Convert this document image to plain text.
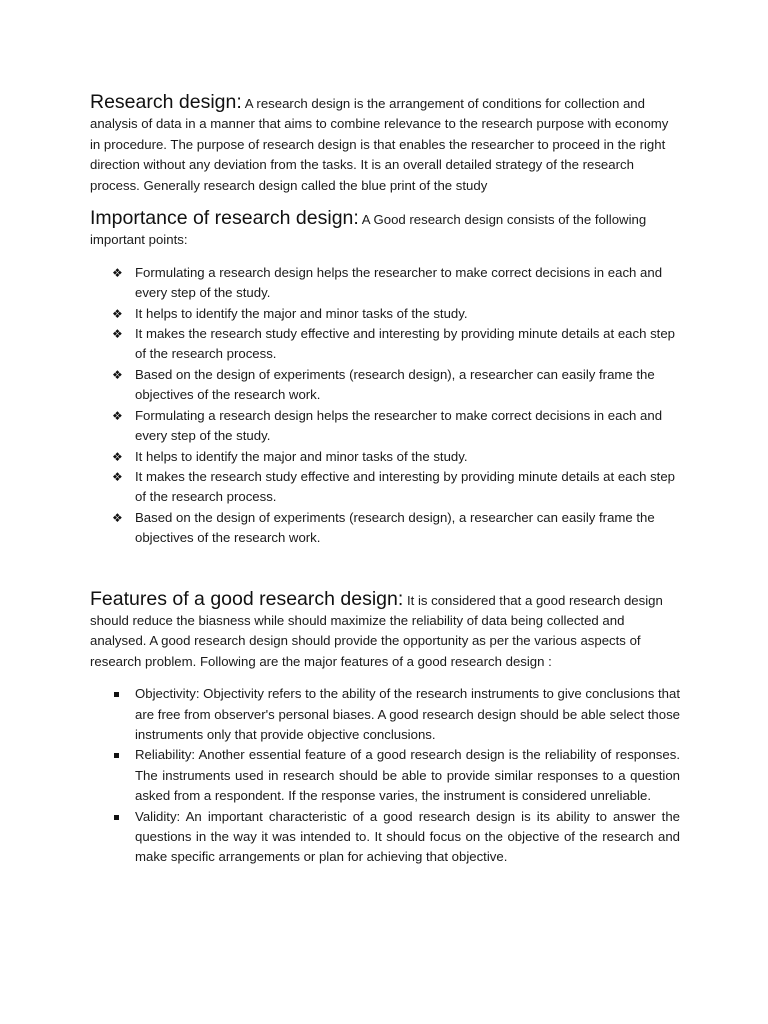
Research design: A research design is the arrangement of conditions for collection and analysis of data in a manner that aims to combine relevance to the research purpose with economy in procedure. The purpose of research design is that enables the researcher to proceed in the right direction without any deviation from the tasks. It is an overall detailed strategy of the research process. Generally research design called the blue print of the study

Importance of research design: A Good research design consists of the following important points:

❖ Formulating a research design helps the researcher to make correct decisions in each and every step of the study.
❖ It helps to identify the major and minor tasks of the study.
❖ It makes the research study effective and interesting by providing minute details at each step of the research process.
❖ Based on the design of experiments (research design), a researcher can easily frame the objectives of the research work.
❖ Formulating a research design helps the researcher to make correct decisions in each and every step of the study.
❖ It helps to identify the major and minor tasks of the study.
❖ It makes the research study effective and interesting by providing minute details at each step of the research process.
❖ Based on the design of experiments (research design), a researcher can easily frame the objectives of the research work.

Features of a good research design: It is considered that a good research design should reduce the biasness while should maximize the reliability of data being collected and analysed. A good research design should provide the opportunity as per the various aspects of research problem. Following are the major features of a good research design :

Objectivity: Objectivity refers to the ability of the research instruments to give conclusions that are free from observer's personal biases. A good research design should be able select those instruments only that provide objective conclusions.
Reliability: Another essential feature of a good research design is the reliability of responses. The instruments used in research should be able to provide similar responses to a question asked from a respondent. If the response varies, the instrument is considered unreliable.
Validity: An important characteristic of a good research design is its ability to answer the questions in the way it was intended to. It should focus on the objective of the research and make specific arrangements or plan for achieving that objective.
